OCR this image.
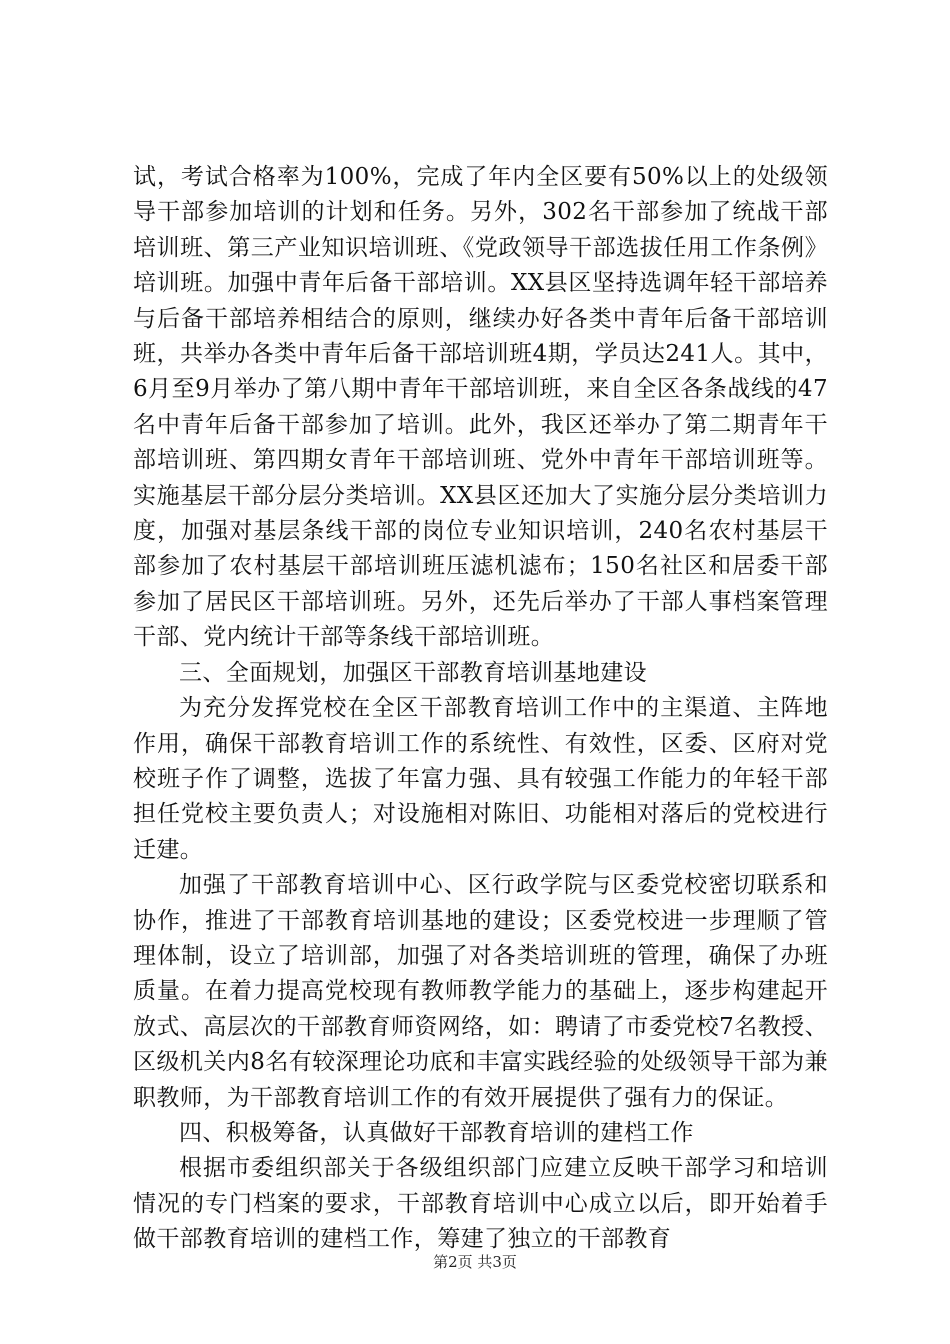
试，考试合格率为100%，完成了年内全区要有50%以上的处级领导干部参加培训的计划和任务。另外，302名干部参加了统战干部培训班、第三产业知识培训班、《党政领导干部选拔任用工作条例》培训班。加强中青年后备干部培训。XX县区坚持选调年轻干部培养与后备干部培养相结合的原则，继续办好各类中青年后备干部培训班，共举办各类中青年后备干部培训班4期，学员达241人。其中，6月至9月举办了第八期中青年干部培训班，来自全区各条战线的47名中青年后备干部参加了培训。此外，我区还举办了第二期青年干部培训班、第四期女青年干部培训班、党外中青年干部培训班等。实施基层干部分层分类培训。XX县区还加大了实施分层分类培训力度，加强对基层条线干部的岗位专业知识培训，240名农村基层干部参加了农村基层干部培训班压滤机滤布；150名社区和居委干部参加了居民区干部培训班。另外，还先后举办了干部人事档案管理干部、党内统计干部等条线干部培训班。

三、全面规划，加强区干部教育培训基地建设

为充分发挥党校在全区干部教育培训工作中的主渠道、主阵地作用，确保干部教育培训工作的系统性、有效性，区委、区府对党校班子作了调整，选拔了年富力强、具有较强工作能力的年轻干部担任党校主要负责人；对设施相对陈旧、功能相对落后的党校进行迁建。

加强了干部教育培训中心、区行政学院与区委党校密切联系和协作，推进了干部教育培训基地的建设；区委党校进一步理顺了管理体制，设立了培训部，加强了对各类培训班的管理，确保了办班质量。在着力提高党校现有教师教学能力的基础上，逐步构建起开放式、高层次的干部教育师资网络，如：聘请了市委党校7名教授、区级机关内8名有较深理论功底和丰富实践经验的处级领导干部为兼职教师，为干部教育培训工作的有效开展提供了强有力的保证。

四、积极筹备，认真做好干部教育培训的建档工作

根据市委组织部关于各级组织部门应建立反映干部学习和培训情况的专门档案的要求，干部教育培训中心成立以后，即开始着手做干部教育培训的建档工作，筹建了独立的干部教育

第2页 共3页
